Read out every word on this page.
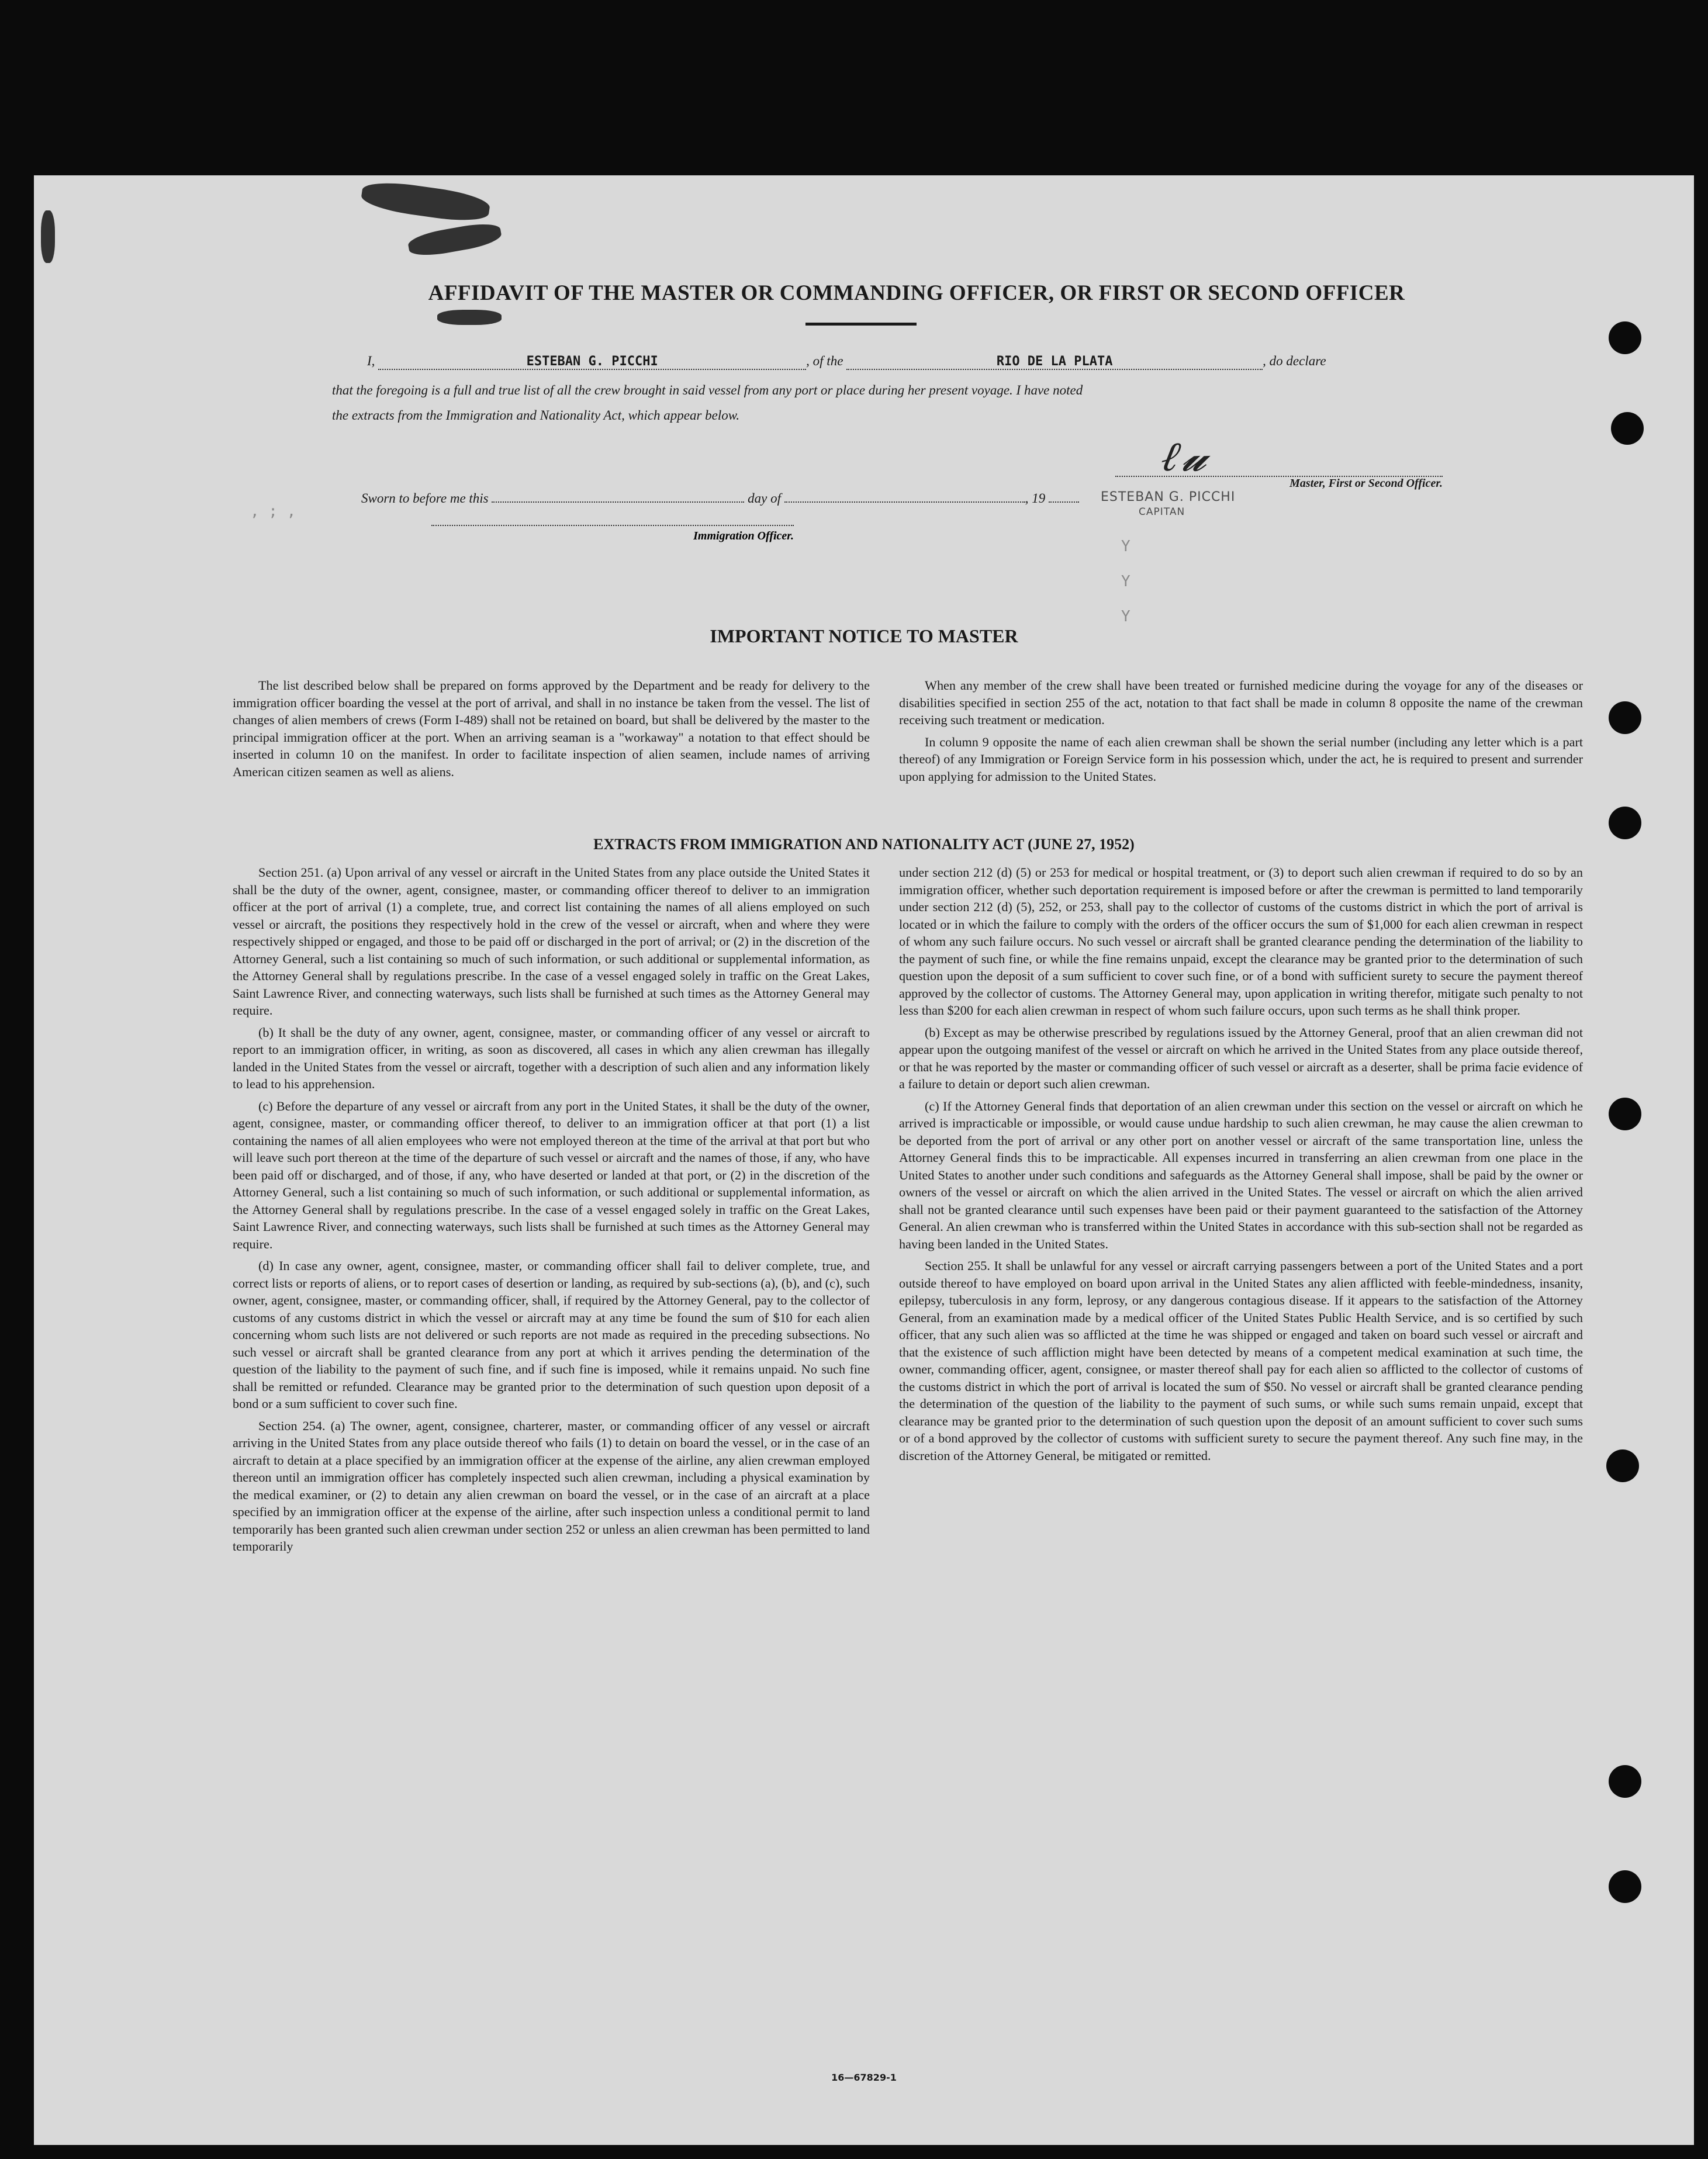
AFFIDAVIT OF THE MASTER OR COMMANDING OFFICER, OR FIRST OR SECOND OFFICER
I,	ESTEBAN G. PICCHI	, of the	RIO DE LA PLATA	, do declare
that the foregoing is a full and true list of all the crew brought in said vessel from any port or place during her present voyage. I have noted
the extracts from the Immigration and Nationality Act, which appear below.
ℓ 𝓾
Master, First or Second Officer.
ESTEBAN G. PICCHI
CAPITAN
Sworn to before me this	day of	, 19
Immigration Officer.
, ; ,
Y
Y
Y
IMPORTANT NOTICE TO MASTER

The list described below shall be prepared on forms approved by the Department and be ready for delivery to the immigration officer boarding the vessel at the port of arrival, and shall in no instance be taken from the vessel. The list of changes of alien members of crews (Form I-489) shall not be retained on board, but shall be delivered by the master to the principal immigration officer at the port. When an arriving seaman is a "workaway" a notation to that effect should be inserted in column 10 on the manifest. In order to facilitate inspection of alien seamen, include names of arriving American citizen seamen as well as aliens.

When any member of the crew shall have been treated or furnished medicine during the voyage for any of the diseases or disabilities specified in section 255 of the act, notation to that fact shall be made in column 8 opposite the name of the crewman receiving such treatment or medication.

In column 9 opposite the name of each alien crewman shall be shown the serial number (including any letter which is a part thereof) of any Immigration or Foreign Service form in his possession which, under the act, he is required to present and surrender upon applying for admission to the United States.

EXTRACTS FROM IMMIGRATION AND NATIONALITY ACT (JUNE 27, 1952)

Section 251. (a) Upon arrival of any vessel or aircraft in the United States from any place outside the United States it shall be the duty of the owner, agent, consignee, master, or commanding officer thereof to deliver to an immigration officer at the port of arrival (1) a complete, true, and correct list containing the names of all aliens employed on such vessel or aircraft, the positions they respectively hold in the crew of the vessel or aircraft, when and where they were respectively shipped or engaged, and those to be paid off or discharged in the port of arrival; or (2) in the discretion of the Attorney General, such a list containing so much of such information, or such additional or supplemental information, as the Attorney General shall by regulations prescribe. In the case of a vessel engaged solely in traffic on the Great Lakes, Saint Lawrence River, and connecting waterways, such lists shall be furnished at such times as the Attorney General may require.

(b) It shall be the duty of any owner, agent, consignee, master, or commanding officer of any vessel or aircraft to report to an immigration officer, in writing, as soon as discovered, all cases in which any alien crewman has illegally landed in the United States from the vessel or aircraft, together with a description of such alien and any information likely to lead to his apprehension.

(c) Before the departure of any vessel or aircraft from any port in the United States, it shall be the duty of the owner, agent, consignee, master, or commanding officer thereof, to deliver to an immigration officer at that port (1) a list containing the names of all alien employees who were not employed thereon at the time of the arrival at that port but who will leave such port thereon at the time of the departure of such vessel or aircraft and the names of those, if any, who have been paid off or discharged, and of those, if any, who have deserted or landed at that port, or (2) in the discretion of the Attorney General, such a list containing so much of such information, or such additional or supplemental information, as the Attorney General shall by regulations prescribe. In the case of a vessel engaged solely in traffic on the Great Lakes, Saint Lawrence River, and connecting waterways, such lists shall be furnished at such times as the Attorney General may require.

(d) In case any owner, agent, consignee, master, or commanding officer shall fail to deliver complete, true, and correct lists or reports of aliens, or to report cases of desertion or landing, as required by sub-sections (a), (b), and (c), such owner, agent, consignee, master, or commanding officer, shall, if required by the Attorney General, pay to the collector of customs of any customs district in which the vessel or aircraft may at any time be found the sum of $10 for each alien concerning whom such lists are not delivered or such reports are not made as required in the preceding subsections. No such vessel or aircraft shall be granted clearance from any port at which it arrives pending the determination of the question of the liability to the payment of such fine, and if such fine is imposed, while it remains unpaid. No such fine shall be remitted or refunded. Clearance may be granted prior to the determination of such question upon deposit of a bond or a sum sufficient to cover such fine.

Section 254. (a) The owner, agent, consignee, charterer, master, or commanding officer of any vessel or aircraft arriving in the United States from any place outside thereof who fails (1) to detain on board the vessel, or in the case of an aircraft to detain at a place specified by an immigration officer at the expense of the airline, any alien crewman employed thereon until an immigration officer has completely inspected such alien crewman, including a physical examination by the medical examiner, or (2) to detain any alien crewman on board the vessel, or in the case of an aircraft at a place specified by an immigration officer at the expense of the airline, after such inspection unless a conditional permit to land temporarily has been granted such alien crewman under section 252 or unless an alien crewman has been permitted to land temporarily

under section 212 (d) (5) or 253 for medical or hospital treatment, or (3) to deport such alien crewman if required to do so by an immigration officer, whether such deportation requirement is imposed before or after the crewman is permitted to land temporarily under section 212 (d) (5), 252, or 253, shall pay to the collector of customs of the customs district in which the port of arrival is located or in which the failure to comply with the orders of the officer occurs the sum of $1,000 for each alien crewman in respect of whom any such failure occurs. No such vessel or aircraft shall be granted clearance pending the determination of the liability to the payment of such fine, or while the fine remains unpaid, except the clearance may be granted prior to the determination of such question upon the deposit of a sum sufficient to cover such fine, or of a bond with sufficient surety to secure the payment thereof approved by the collector of customs. The Attorney General may, upon application in writing therefor, mitigate such penalty to not less than $200 for each alien crewman in respect of whom such failure occurs, upon such terms as he shall think proper.

(b) Except as may be otherwise prescribed by regulations issued by the Attorney General, proof that an alien crewman did not appear upon the outgoing manifest of the vessel or aircraft on which he arrived in the United States from any place outside thereof, or that he was reported by the master or commanding officer of such vessel or aircraft as a deserter, shall be prima facie evidence of a failure to detain or deport such alien crewman.

(c) If the Attorney General finds that deportation of an alien crewman under this section on the vessel or aircraft on which he arrived is impracticable or impossible, or would cause undue hardship to such alien crewman, he may cause the alien crewman to be deported from the port of arrival or any other port on another vessel or aircraft of the same transportation line, unless the Attorney General finds this to be impracticable. All expenses incurred in transferring an alien crewman from one place in the United States to another under such conditions and safeguards as the Attorney General shall impose, shall be paid by the owner or owners of the vessel or aircraft on which the alien arrived in the United States. The vessel or aircraft on which the alien arrived shall not be granted clearance until such expenses have been paid or their payment guaranteed to the satisfaction of the Attorney General. An alien crewman who is transferred within the United States in accordance with this sub-section shall not be regarded as having been landed in the United States.

Section 255. It shall be unlawful for any vessel or aircraft carrying passengers between a port of the United States and a port outside thereof to have employed on board upon arrival in the United States any alien afflicted with feeble-mindedness, insanity, epilepsy, tuberculosis in any form, leprosy, or any dangerous contagious disease. If it appears to the satisfaction of the Attorney General, from an examination made by a medical officer of the United States Public Health Service, and is so certified by such officer, that any such alien was so afflicted at the time he was shipped or engaged and taken on board such vessel or aircraft and that the existence of such affliction might have been detected by means of a competent medical examination at such time, the owner, commanding officer, agent, consignee, or master thereof shall pay for each alien so afflicted to the collector of customs of the customs district in which the port of arrival is located the sum of $50. No vessel or aircraft shall be granted clearance pending the determination of the question of the liability to the payment of such sums, or while such sums remain unpaid, except that clearance may be granted prior to the determination of such question upon the deposit of an amount sufficient to cover such sums or of a bond approved by the collector of customs with sufficient surety to secure the payment thereof. Any such fine may, in the discretion of the Attorney General, be mitigated or remitted.

16—67829-1
